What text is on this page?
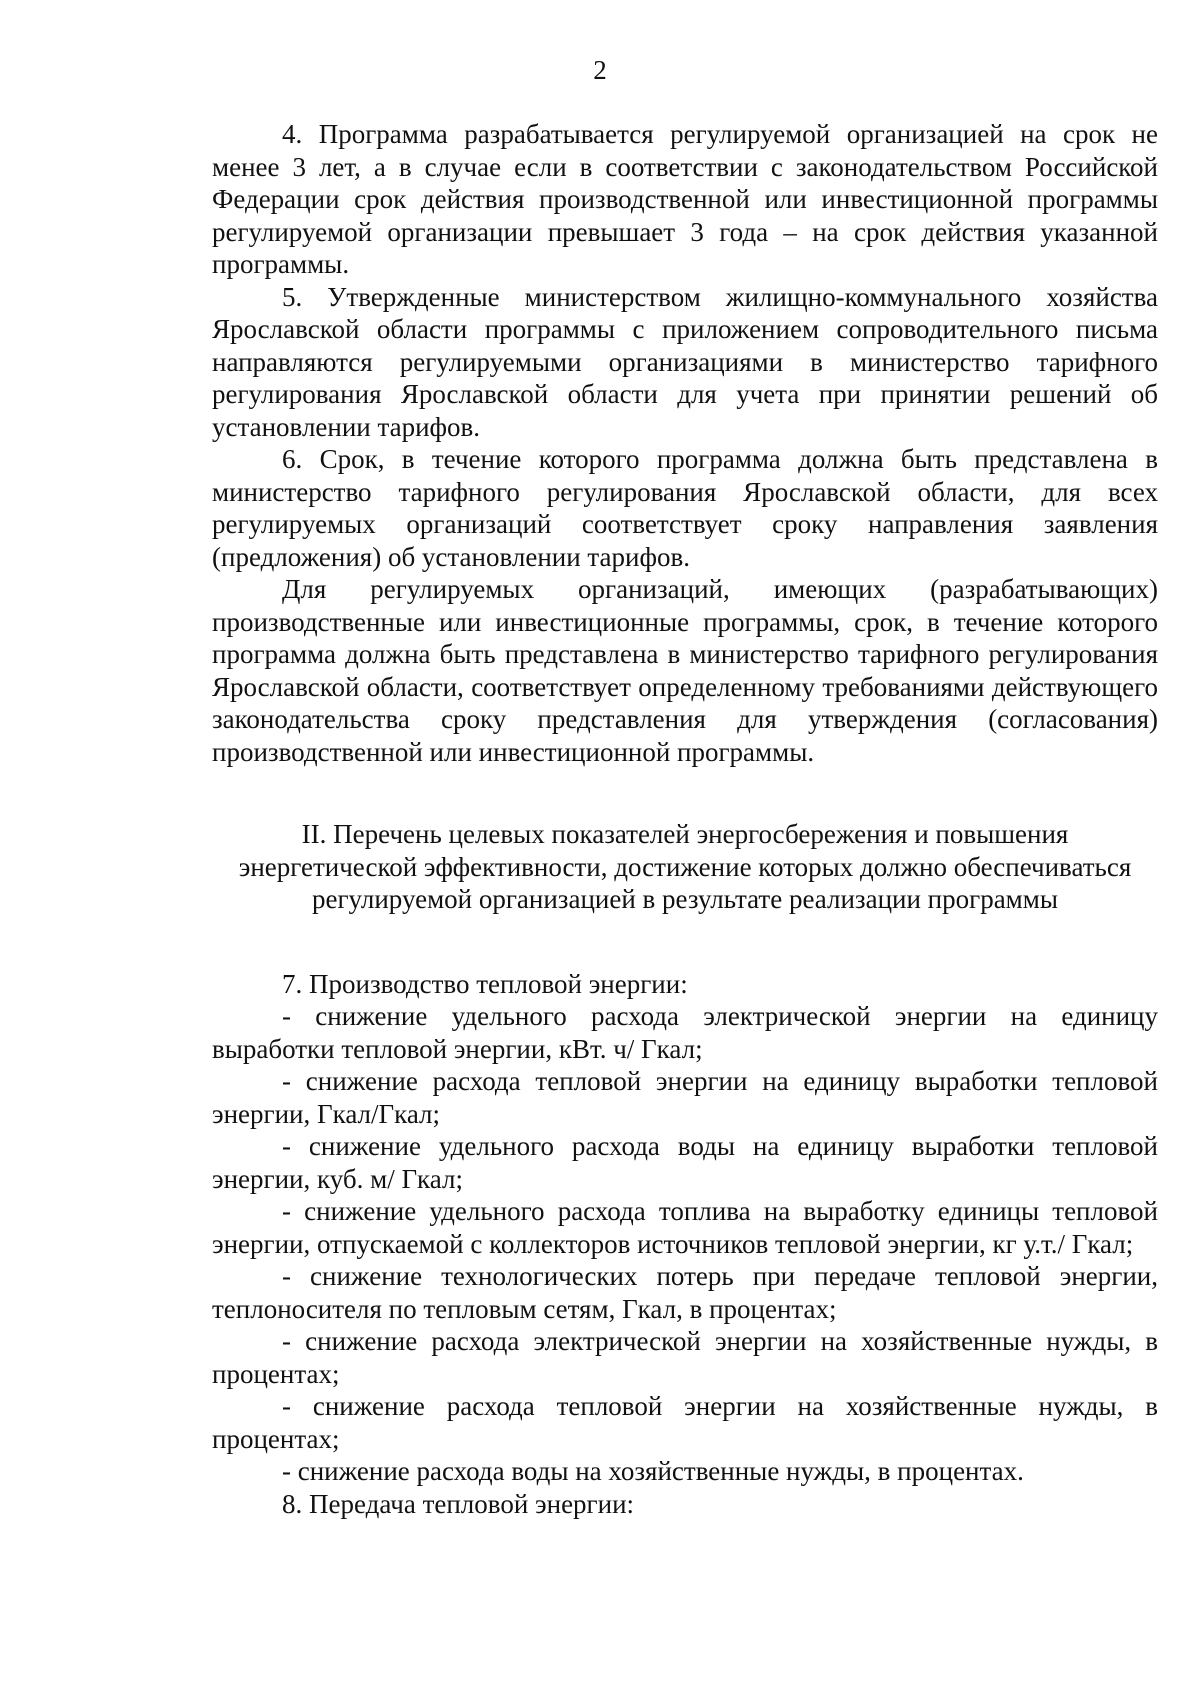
2

4. Программа разрабатывается регулируемой организацией на срок не менее 3 лет, а в случае если в соответствии с законодательством Российской Федерации срок действия производственной или инвестиционной программы регулируемой организации превышает 3 года – на срок действия указанной программы.

5. Утвержденные министерством жилищно-коммунального хозяйства Ярославской области программы с приложением сопроводительного письма направляются регулируемыми организациями в министерство тарифного регулирования Ярославской области для учета при принятии решений об установлении тарифов.

6. Срок, в течение которого программа должна быть представлена в министерство тарифного регулирования Ярославской области, для всех регулируемых организаций соответствует сроку направления заявления (предложения) об установлении тарифов.

Для регулируемых организаций, имеющих (разрабатывающих) производственные или инвестиционные программы, срок, в течение которого программа должна быть представлена в министерство тарифного регулирования Ярославской области, соответствует определенному требованиями действующего законодательства сроку представления для утверждения (согласования) производственной или инвестиционной программы.

II. Перечень целевых показателей энергосбережения и повышения
энергетической эффективности, достижение которых должно обеспечиваться
регулируемой организацией в результате реализации программы

7. Производство тепловой энергии:

- снижение удельного расхода электрической энергии на единицу выработки тепловой энергии, кВт. ч/ Гкал;

- снижение расхода тепловой энергии на единицу выработки тепловой энергии, Гкал/Гкал;

- снижение удельного расхода воды на единицу выработки тепловой энергии, куб. м/ Гкал;

- снижение удельного расхода топлива на выработку единицы тепловой энергии, отпускаемой с коллекторов источников тепловой энергии, кг у.т./ Гкал;

- снижение технологических потерь при передаче тепловой энергии, теплоносителя по тепловым сетям, Гкал, в процентах;

- снижение расхода электрической энергии на хозяйственные нужды, в процентах;

- снижение расхода тепловой энергии на хозяйственные нужды, в процентах;

- снижение расхода воды на хозяйственные нужды, в процентах.

8. Передача тепловой энергии:
